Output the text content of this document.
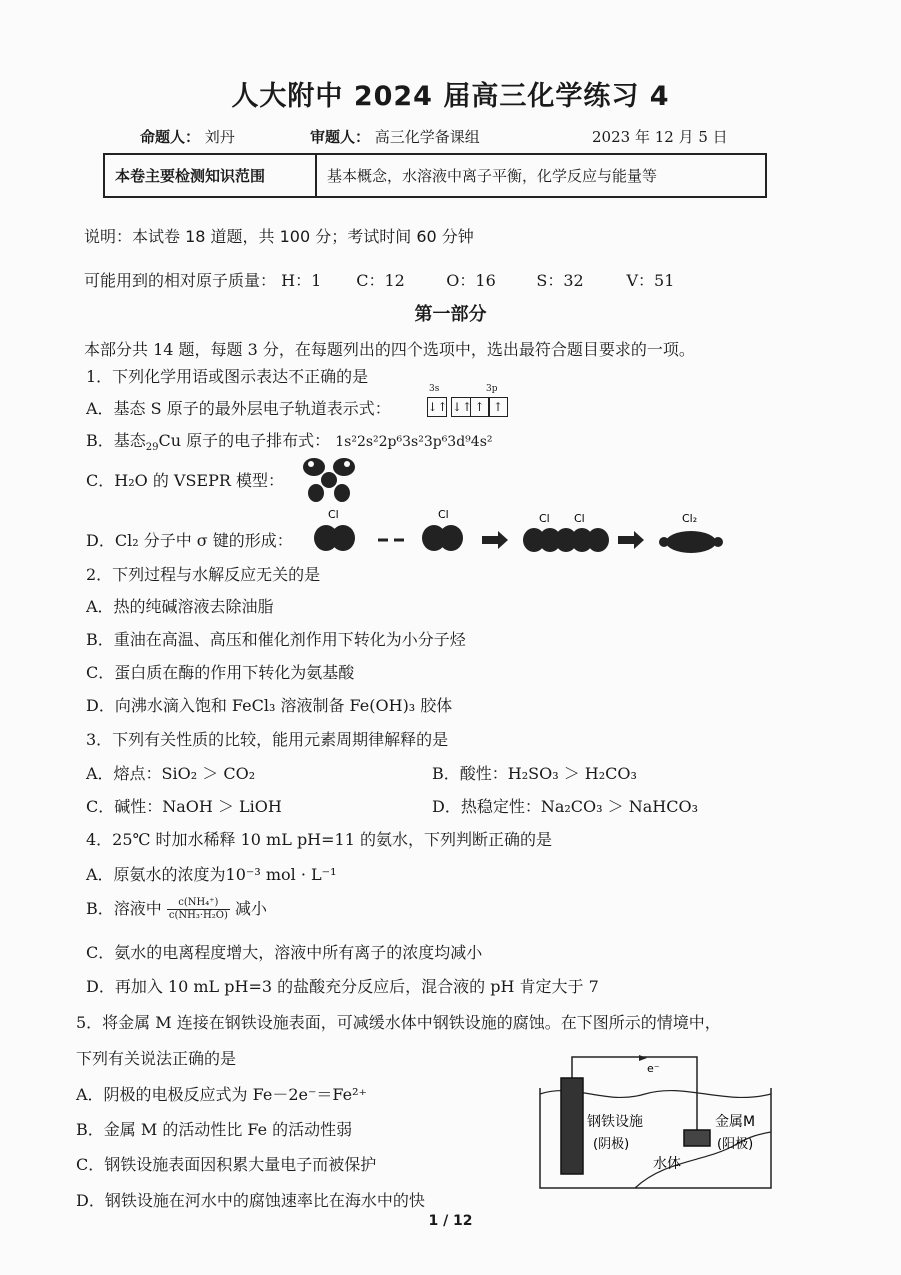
人大附中 2024 届高三化学练习 4
命题人： 刘丹	审题人： 高三化学备课组	2023 年 12 月 5 日
本卷主要检测知识范围	基本概念，水溶液中离子平衡，化学反应与能量等
说明：本试卷 18 道题，共 100 分；考试时间 60 分钟
可能用到的相对原子质量： H：1 C：12	O：16	S：32	V：51
第一部分
本部分共 14 题，每题 3 分，在每题列出的四个选项中，选出最符合题目要求的一项。
1．下列化学用语或图示表达不正确的是
A．基态 S 原子的最外层电子轨道表示式：
3s	3p
↓↑ ↓↑ ↑ ↑
B．基态$_{29}$Cu 原子的电子排布式： 1s²2s²2p⁶3s²3p⁶3d⁹4s²
C．H₂O 的 VSEPR 模型：
D．Cl₂ 分子中 σ 键的形成：
Cl	Cl	Cl Cl	Cl₂
2．下列过程与水解反应无关的是
A．热的纯碱溶液去除油脂
B．重油在高温、高压和催化剂作用下转化为小分子烃
C．蛋白质在酶的作用下转化为氨基酸
D．向沸水滴入饱和 FeCl₃ 溶液制备 Fe(OH)₃ 胶体
3．下列有关性质的比较，能用元素周期律解释的是
A．熔点：SiO₂ ＞ CO₂	B．酸性：H₂SO₃ ＞ H₂CO₃
C．碱性：NaOH ＞ LiOH	D．热稳定性：Na₂CO₃ ＞ NaHCO₃
4．25℃ 时加水稀释 10 mL pH=11 的氨水，下列判断正确的是
A．原氨水的浓度为10⁻³ mol · L⁻¹
B．溶液中 $\frac{\text{c(NH₄⁺)}}{\text{c(NH₃·H₂O)}}$ 减小
C．氨水的电离程度增大，溶液中所有离子的浓度均减小
D．再加入 10 mL pH=3 的盐酸充分反应后，混合液的 pH 肯定大于 7
5．将金属 M 连接在钢铁设施表面，可减缓水体中钢铁设施的腐蚀。在下图所示的情境中，
下列有关说法正确的是
A．阴极的电极反应式为 Fe－2e⁻＝Fe²⁺
B．金属 M 的活动性比 Fe 的活动性弱
C．钢铁设施表面因积累大量电子而被保护
D．钢铁设施在河水中的腐蚀速率比在海水中的快
e⁻
钢铁设施
(阴极)
金属M
(阳极)
水体
1 / 12
